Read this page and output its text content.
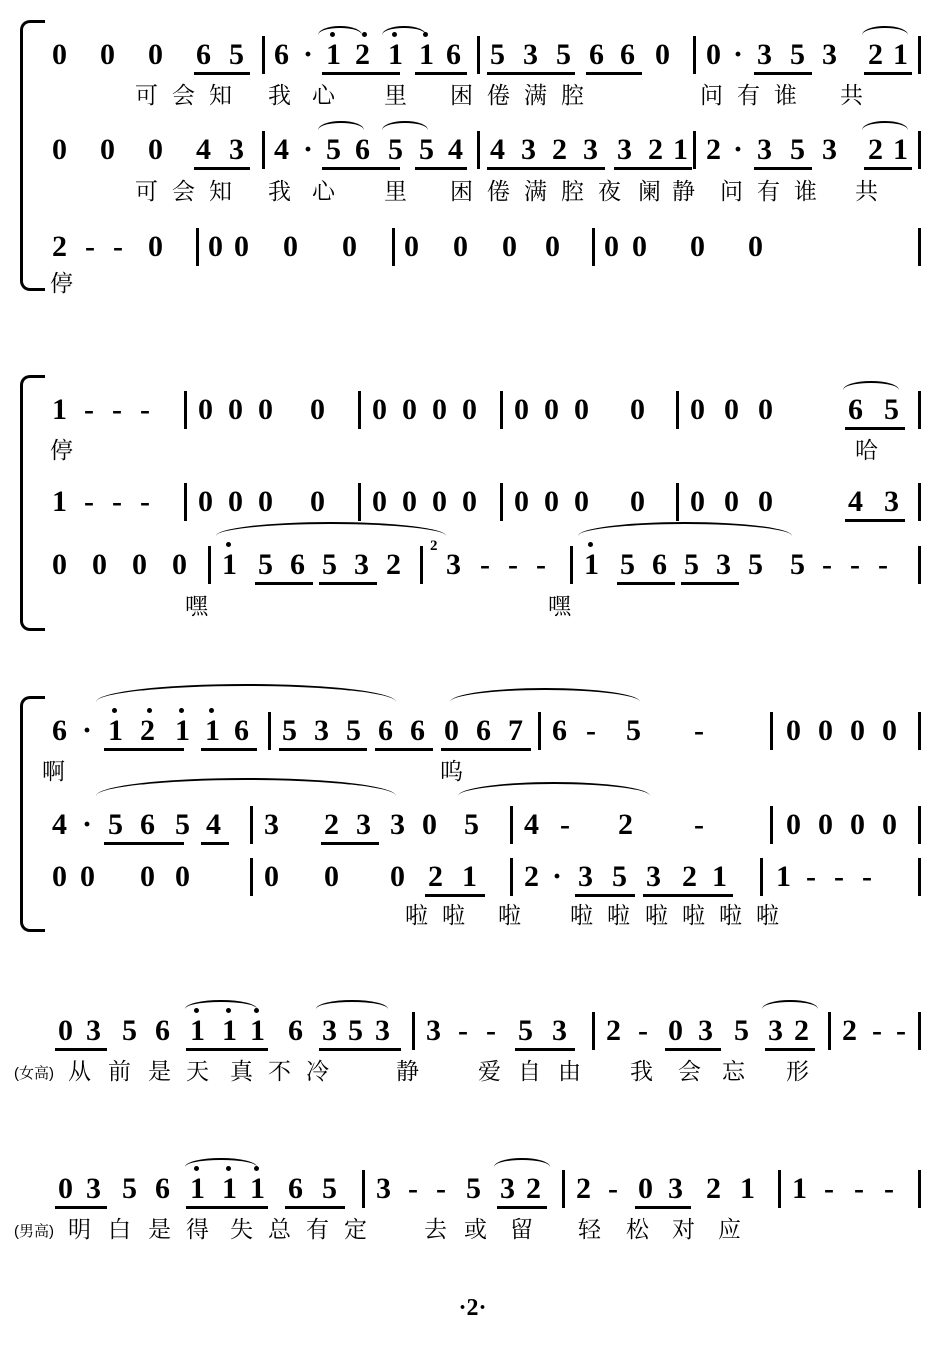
0 0 0 6 5 6 · 1 2 1 1 6 5 3 5 6 6 0 0 · 3 5 3 2 1
可 会 知 我 心 里 困 倦 满 腔	问 有 谁 共
0 0 0 4 3 4 · 5 6 5 5 4 4 3 2 3 3 2 1 2 · 3 5 3 2 1
可 会 知 我 心 里 困 倦 满 腔 夜 阑 静 问 有 谁 共
2 - - 0 0 0 0 0 0 0 0 0 0 0 0 0
停
1 - - - 0 0 0 0 0 0 0 0 0 0 0 0 0 0 0	6 5
停	哈
1 - - - 0 0 0 0 0 0 0 0 0 0 0 0 0 0 0	4 3
0 0 0 0 1 5 6 5 3 2
2
3 - - - 1 5 6 5 3 5 5 - - -
嘿	嘿
6 · 1 2 1 1 6 5 3 5 6 6 0 6 7 6 - 5 -	0 0 0 0
啊	呜
4 · 5 6 5 4 3 2 3 3 0 5 4 - 2 -	0 0 0 0
0 0 0 0 0 0 0 2 1 2 · 3 5 3 2 1 1 - - -
啦 啦 啦 啦 啦 啦 啦 啦 啦
0 3 5 6 1 1 1 6 3 5 3 3 - - 5 3 2 - 0 3 5 3 2 2 - -
(女高) 从 前 是 天 真 不 冷	静	爱 自 由 我 会 忘 形
0 3 5 6 1 1 1 6 5 3 - - 5 3 2 2 - 0 3 2 1 1 - - -
(男高) 明 白 是 得 失 总 有 定 去 或 留 轻 松 对 应
·2·
